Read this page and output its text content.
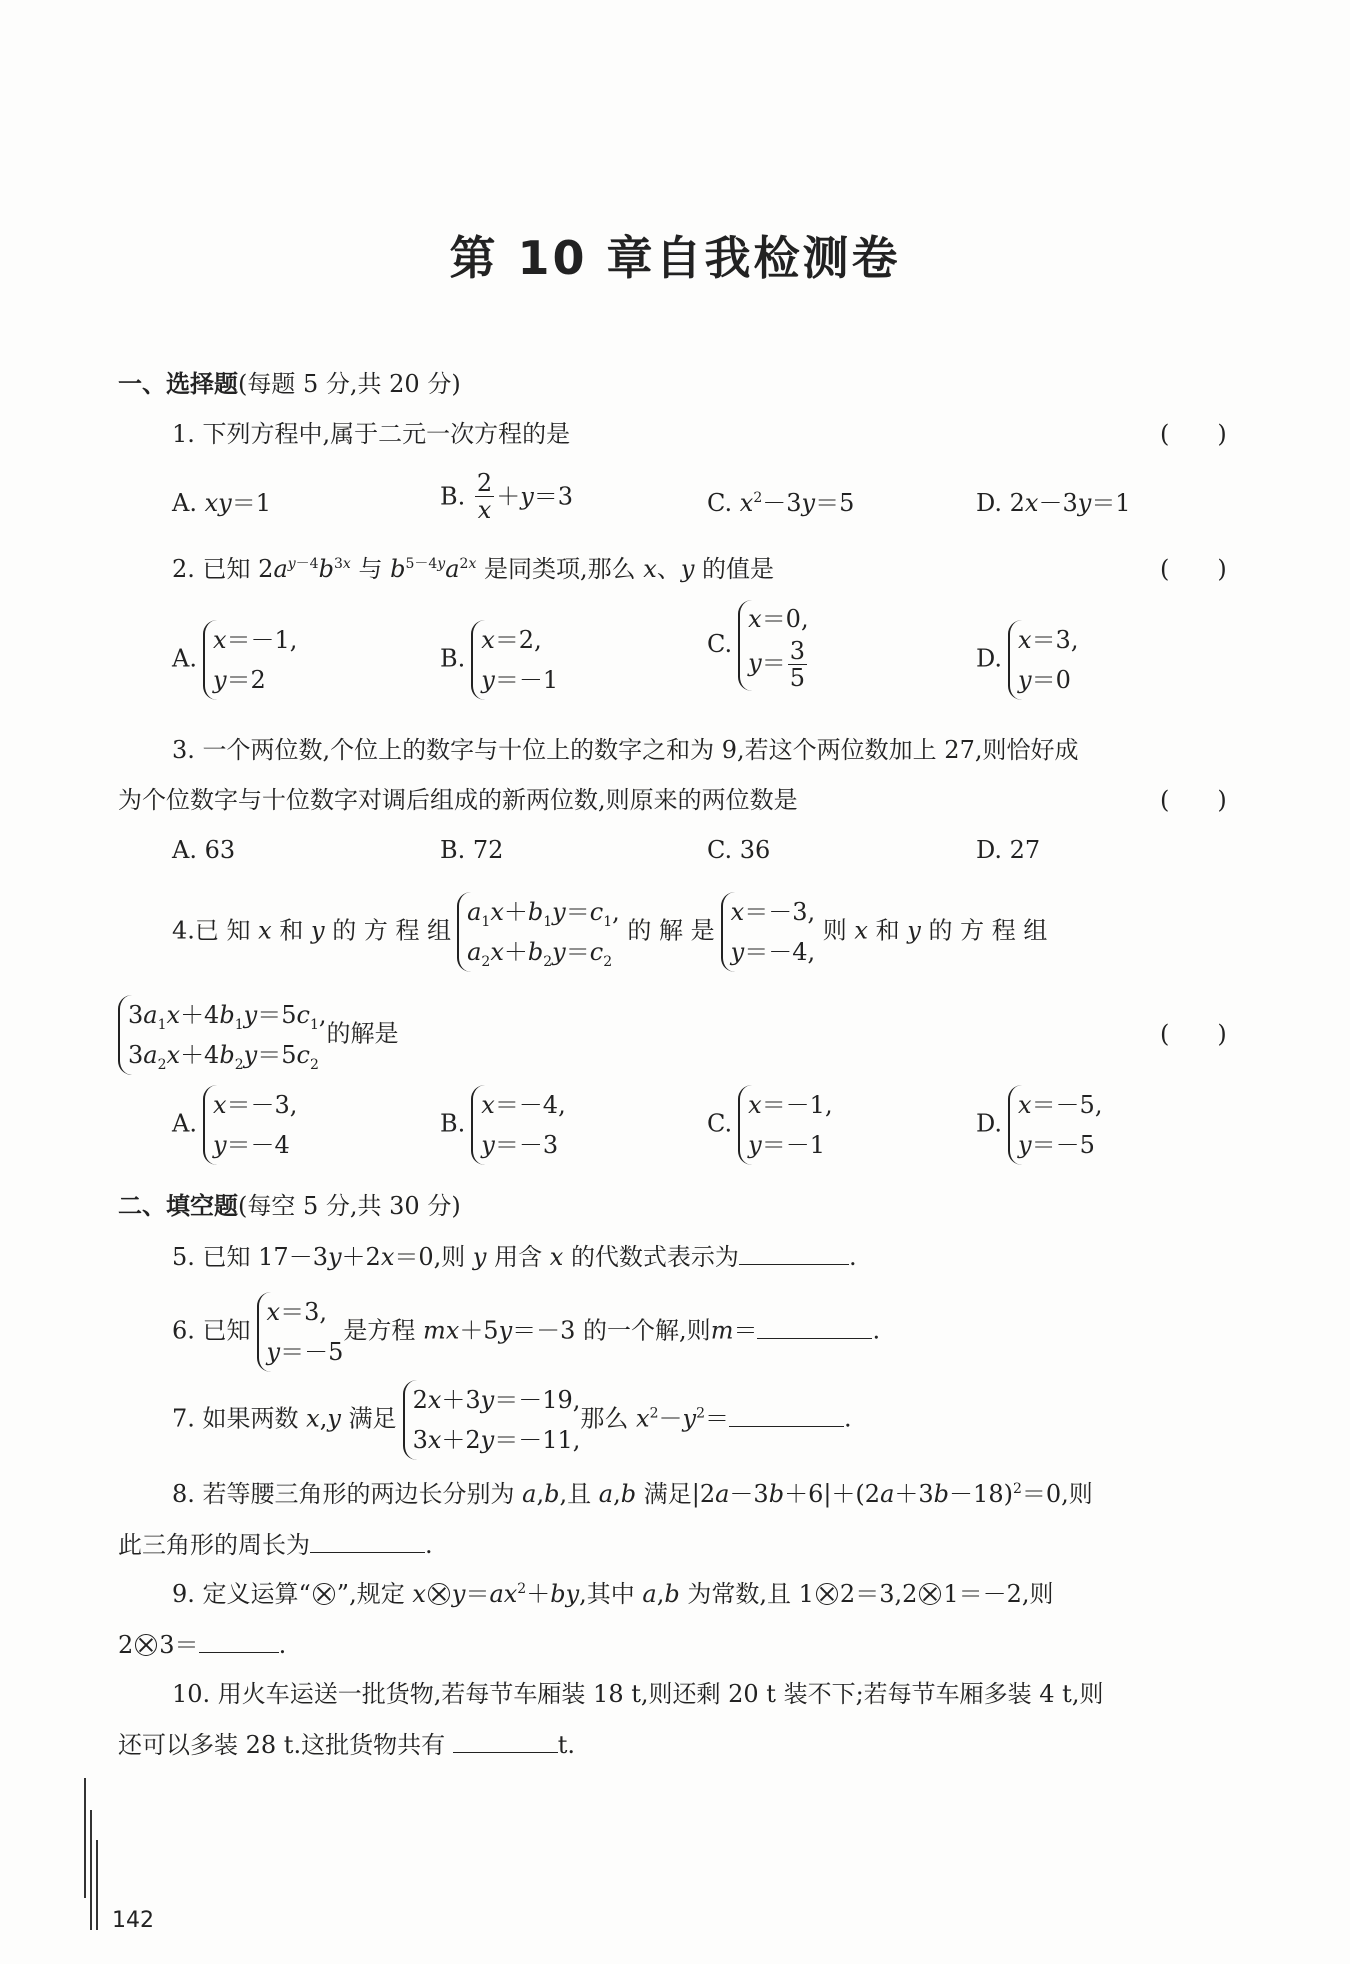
第 10 章自我检测卷
一、选择题(每题 5 分,共 20 分)
1. 下列方程中,属于二元一次方程的是	(　　)
A. xy＝1	B. $\frac{2}{x} +y=3$	C. $x^2-3y=5$	D. 2x－3y＝1
2. 已知 $2a^{y-4}b^{3x}$ 与 $b^{5-4y}a^{2x}$ 是同类项,那么 x、y 的值是	(　　)
A.
x＝－1,
y＝2
B.
x＝2,
y＝－1
C.
x＝0,
$y= \frac{3}{5}$	D.
x＝3,
y＝0
3. 一个两位数,个位上的数字与十位上的数字之和为 9,若这个两位数加上 27,则恰好成
为个位数字与十位数字对调后组成的新两位数,则原来的两位数是	(　　)
A. 63	B. 72	C. 36	D. 27
4.已 知 x 和 y 的 方 程 组
$a_1x+b_1y=c_1$,
$a_2x+b_2y=c_2$
的 解 是
x＝－3,
y＝－4,
则 x 和 y 的 方 程 组
$3a_1x+4b_1y=5c_1$,
$3a_2x+4b_2y=5c_2$
的解是	(　　)
A.
x＝－3,
y＝－4
B.
x＝－4,
y＝－3
C.
x＝－1,
y＝－1
D.
x＝－5,
y＝－5
二、填空题(每空 5 分,共 30 分)
5. 已知 17－3y＋2x＝0,则 y 用含 x 的代数式表示为	.
6. 已知
x＝3,
y＝－5
是方程 mx＋5y＝－3 的一个解,则m＝	.
7. 如果两数 x,y 满足
2x＋3y＝－19,
3x＋2y＝－11,
那么 $x^2-y^2=$	.
8. 若等腰三角形的两边长分别为 a,b,且 a,b 满足$|2a-3b+6|+(2a+3b-18)^2=0$,则
此三角形的周长为	.
9. 定义运算“ ”,规定 x $y=ax^2+by$,其中 a,b 为常数,且 1 2＝3,2 1＝－2,则
2 3＝	.
10. 用火车运送一批货物,若每节车厢装 18 t,则还剩 20 t 装不下;若每节车厢多装 4 t,则
还可以多装 28 t.这批货物共有	t.
142
